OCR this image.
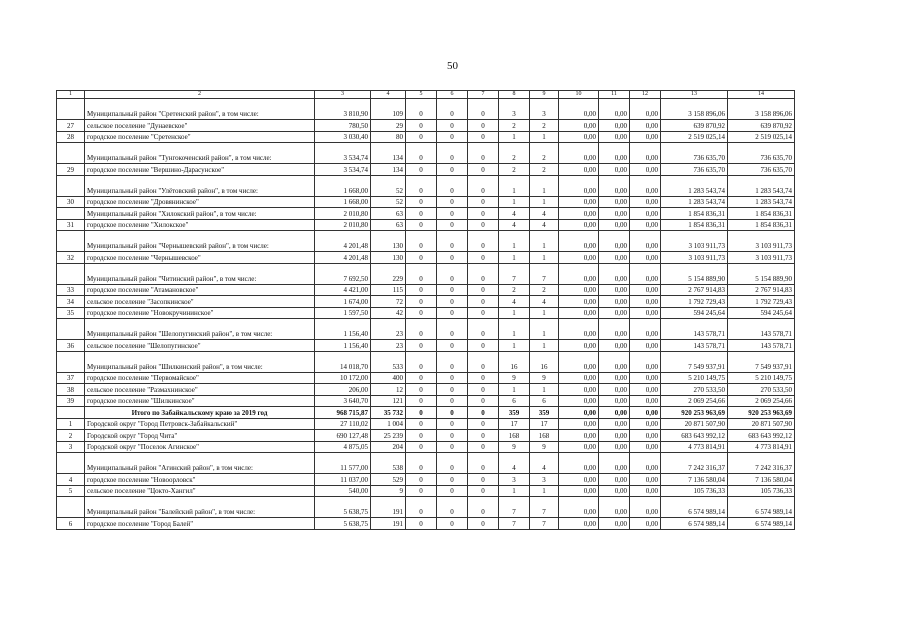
50
1	2	3	4	5	6	7	8	9	10	11	12	13	14
	Муниципальный район "Сретенский район", в том числе:	3 810,90	109	0	0	0	3	3	0,00	0,00	0,00	3 158 896,06	3 158 896,06
27	сельское поселение "Дунаевское"	780,50	29	0	0	0	2	2	0,00	0,00	0,00	639 870,92	639 870,92
28	городское поселение "Сретенское"	3 030,40	80	0	0	0	1	1	0,00	0,00	0,00	2 519 025,14	2 519 025,14
	Муниципальный район "Тунгокоченский район", в том числе:	3 534,74	134	0	0	0	2	2	0,00	0,00	0,00	736 635,70	736 635,70
29	городское поселение "Вершино-Дарасунское"	3 534,74	134	0	0	0	2	2	0,00	0,00	0,00	736 635,70	736 635,70
	Муниципальный район "Улётовский район", в том числе:	1 668,00	52	0	0	0	1	1	0,00	0,00	0,00	1 283 543,74	1 283 543,74
30	городское поселение "Дровянинское"	1 668,00	52	0	0	0	1	1	0,00	0,00	0,00	1 283 543,74	1 283 543,74
	Муниципальный район "Хилокский район", в том числе:	2 010,80	63	0	0	0	4	4	0,00	0,00	0,00	1 854 836,31	1 854 836,31
31	городское поселение "Хилокское"	2 010,80	63	0	0	0	4	4	0,00	0,00	0,00	1 854 836,31	1 854 836,31
	Муниципальный район "Чернышевский район", в том числе:	4 201,48	130	0	0	0	1	1	0,00	0,00	0,00	3 103 911,73	3 103 911,73
32	городское поселение "Чернышевское"	4 201,48	130	0	0	0	1	1	0,00	0,00	0,00	3 103 911,73	3 103 911,73
	Муниципальный район "Читинский район", в том числе:	7 692,50	229	0	0	0	7	7	0,00	0,00	0,00	5 154 889,90	5 154 889,90
33	городское поселение "Атамановское"	4 421,00	115	0	0	0	2	2	0,00	0,00	0,00	2 767 914,83	2 767 914,83
34	сельское поселение "Засопкинское"	1 674,00	72	0	0	0	4	4	0,00	0,00	0,00	1 792 729,43	1 792 729,43
35	городское поселение "Новокручининское"	1 597,50	42	0	0	0	1	1	0,00	0,00	0,00	594 245,64	594 245,64
	Муниципальный район "Шелопугинский район", в том числе:	1 156,40	23	0	0	0	1	1	0,00	0,00	0,00	143 578,71	143 578,71
36	сельское поселение "Шелопугинское"	1 156,40	23	0	0	0	1	1	0,00	0,00	0,00	143 578,71	143 578,71
	Муниципальный район "Шилкинский район", в том числе:	14 018,70	533	0	0	0	16	16	0,00	0,00	0,00	7 549 937,91	7 549 937,91
37	городское поселение "Первомайское"	10 172,00	400	0	0	0	9	9	0,00	0,00	0,00	5 210 149,75	5 210 149,75
38	сельское поселение "Размахнинское"	206,00	12	0	0	0	1	1	0,00	0,00	0,00	270 533,50	270 533,50
39	городское поселение "Шилкинское"	3 640,70	121	0	0	0	6	6	0,00	0,00	0,00	2 069 254,66	2 069 254,66
	Итого по Забайкальскому краю за 2019 год	968 715,87	35 732	0	0	0	359	359	0,00	0,00	0,00	920 253 963,69	920 253 963,69
1	Городской округ "Город Петровск-Забайкальский"	27 110,02	1 004	0	0	0	17	17	0,00	0,00	0,00	20 871 507,90	20 871 507,90
2	Городской округ "Город Чита"	690 127,48	25 239	0	0	0	168	168	0,00	0,00	0,00	683 643 992,12	683 643 992,12
3	Городской округ "Поселок Агинское"	4 875,05	204	0	0	0	9	9	0,00	0,00	0,00	4 773 814,91	4 773 814,91
	Муниципальный район "Агинский район", в том числе:	11 577,00	538	0	0	0	4	4	0,00	0,00	0,00	7 242 316,37	7 242 316,37
4	городское поселение "Новоорловск"	11 037,00	529	0	0	0	3	3	0,00	0,00	0,00	7 136 580,04	7 136 580,04
5	сельское поселение "Цокто-Хангил"	540,00	9	0	0	0	1	1	0,00	0,00	0,00	105 736,33	105 736,33
	Муниципальный район "Балейский район", в том числе:	5 638,75	191	0	0	0	7	7	0,00	0,00	0,00	6 574 989,14	6 574 989,14
6	городское поселение "Город Балей"	5 638,75	191	0	0	0	7	7	0,00	0,00	0,00	6 574 989,14	6 574 989,14
